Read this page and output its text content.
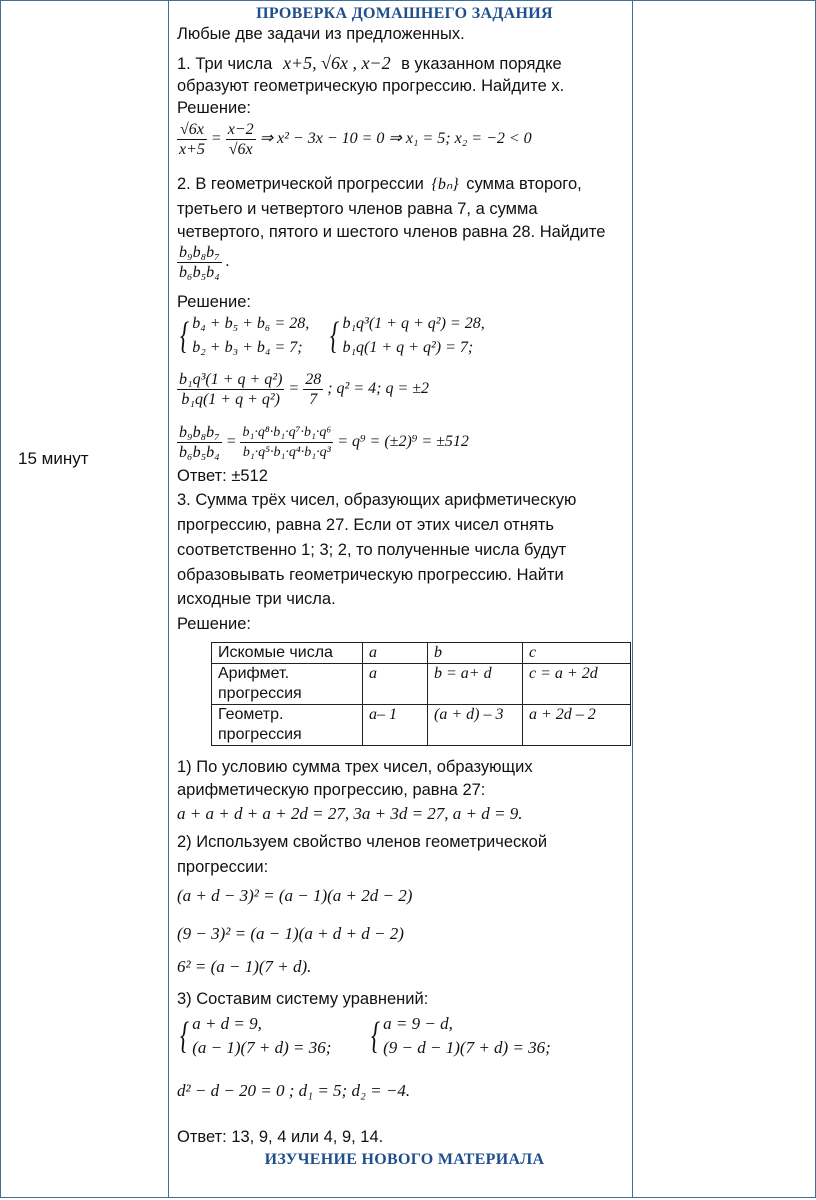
15 минут
ПРОВЕРКА ДОМАШНЕГО ЗАДАНИЯ
Любые две задачи из предложенных.
1. Три числа x+5, √6x , x−2 в указанном порядке
образуют геометрическую прогрессию. Найдите x.
Решение:
$\frac{√6x}{x+5} = \frac{x-2}{√6x}$ ⇒ x² − 3x − 10 = 0 ⇒ x₁ = 5; x₂ = −2 < 0
2. В геометрической прогрессии {bₙ} сумма второго,
третьего и четвертого членов равна 7, а сумма
четвертого, пятого и шестого членов равна 28. Найдите
$\frac{\text{b₉b₈b₇}}{\text{b₆b₅b₄}}$ .
Решение:
{ b₄ + b₅ + b₆ = 28,
b₂ + b₃ + b₄ = 7; { b₁q³(1 + q + q²) = 28,
b₁q(1 + q + q²) = 7;
$\frac{\text{b₁q³(1 + q + q²)}}{\text{b₁q(1 + q + q²)}} = \frac{28}{7}$ ; q² = 4; q = ±2
$\frac{\text{b₉b₈b₇}}{\text{b₆b₅b₄}} = \frac{\text{b₁·q⁸·b₁·q⁷·b₁·q⁶}}{\text{b₁·q⁵·b₁·q⁴·b₁·q³}} = q^9 = (\pm 2)^9 = \pm 512$
Ответ: ±512
3. Сумма трёх чисел, образующих арифметическую
прогрессию, равна 27. Если от этих чисел отнять
соответственно 1; 3; 2, то полученные числа будут
образовывать геометрическую прогрессию. Найти
исходные три числа.
Решение:
Искомые числа	a	b	c
Арифмет. прогрессия	a	b = a+ d	c = a + 2d
Геометр. прогрессия	a– 1	(a + d) – 3	a + 2d – 2
1) По условию сумма трех чисел, образующих
арифметическую прогрессию, равна 27:
a + a + d + a + 2d = 27, 3a + 3d = 27, a + d = 9.
2) Используем свойство членов геометрической
прогрессии:
(a + d − 3)² = (a − 1)(a + 2d − 2)
(9 − 3)² = (a − 1)(a + d + d − 2)
6² = (a − 1)(7 + d).
3) Составим систему уравнений:
{ a + d = 9,
(a − 1)(7 + d) = 36; { a = 9 − d,
(9 − d − 1)(7 + d) = 36;
d² − d − 20 = 0 ; d₁ = 5; d₂ = −4.
Ответ: 13, 9, 4 или 4, 9, 14.
ИЗУЧЕНИЕ НОВОГО МАТЕРИАЛА
